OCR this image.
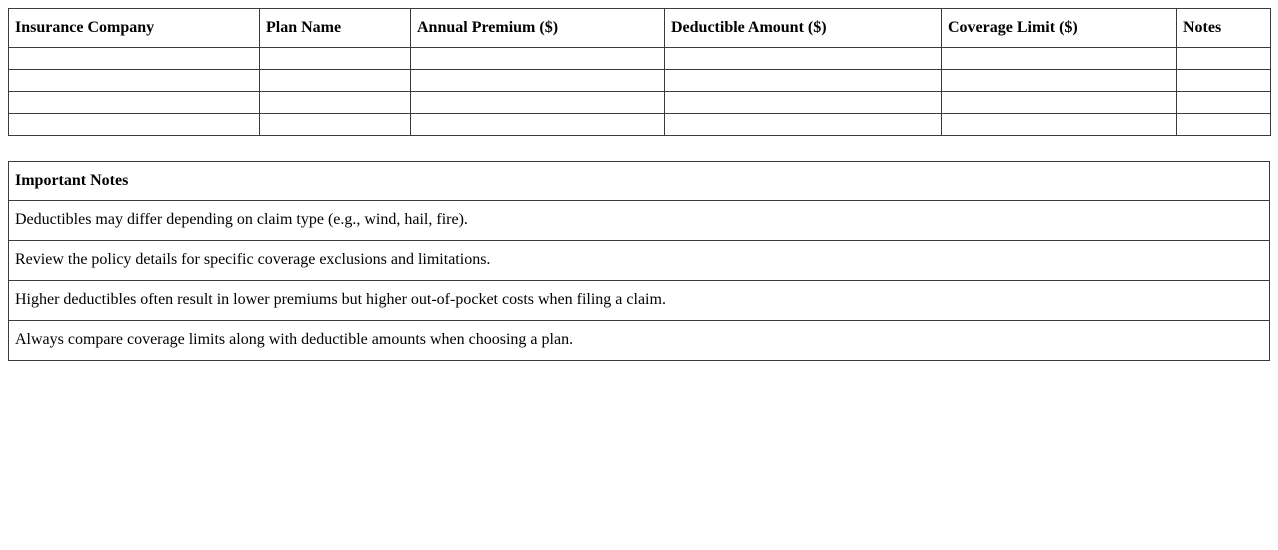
Insurance Company	Plan Name	Annual Premium ($)	Deductible Amount ($)	Coverage Limit ($)	Notes

Important Notes
Deductibles may differ depending on claim type (e.g., wind, hail, fire).
Review the policy details for specific coverage exclusions and limitations.
Higher deductibles often result in lower premiums but higher out-of-pocket costs when filing a claim.
Always compare coverage limits along with deductible amounts when choosing a plan.
